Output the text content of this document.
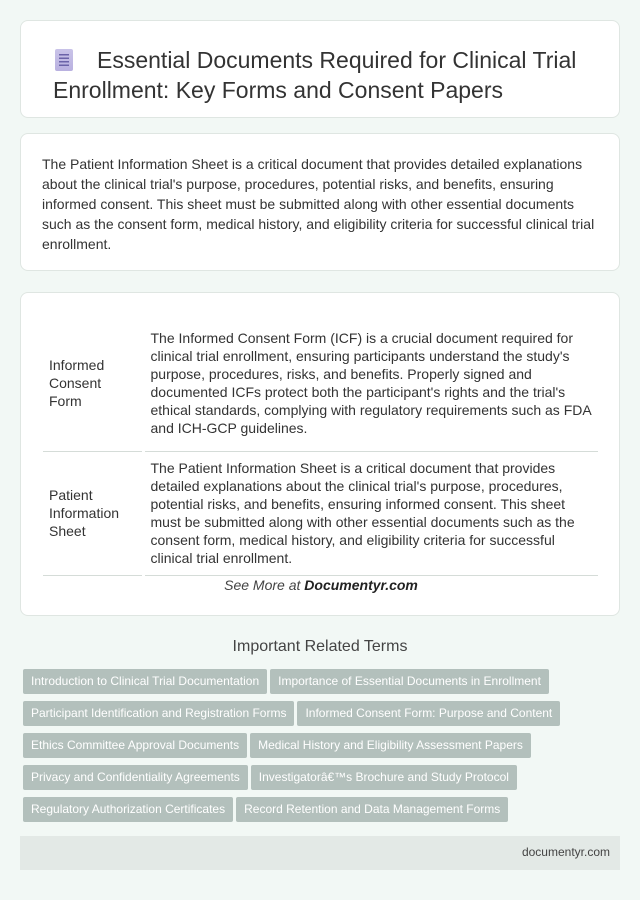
Essential Documents Required for Clinical Trial Enrollment: Key Forms and Consent Papers

The Patient Information Sheet is a critical document that provides detailed explanations about the clinical trial's purpose, procedures, potential risks, and benefits, ensuring informed consent. This sheet must be submitted along with other essential documents such as the consent form, medical history, and eligibility criteria for successful clinical trial enrollment.

Informed Consent Form	The Informed Consent Form (ICF) is a crucial document required for clinical trial enrollment, ensuring participants understand the study's purpose, procedures, risks, and benefits. Properly signed and documented ICFs protect both the participant's rights and the trial's ethical standards, complying with regulatory requirements such as FDA and ICH-GCP guidelines.
Patient Information Sheet	The Patient Information Sheet is a critical document that provides detailed explanations about the clinical trial's purpose, procedures, potential risks, and benefits, ensuring informed consent. This sheet must be submitted along with other essential documents such as the consent form, medical history, and eligibility criteria for successful clinical trial enrollment.
See More at Documentyr.com
Important Related Terms
Introduction to Clinical Trial Documentation Importance of Essential Documents in Enrollment
Participant Identification and Registration Forms Informed Consent Form: Purpose and Content
Ethics Committee Approval Documents Medical History and Eligibility Assessment Papers
Privacy and Confidentiality Agreements Investigatorâ€™s Brochure and Study Protocol
Regulatory Authorization Certificates Record Retention and Data Management Forms
documentyr.com
